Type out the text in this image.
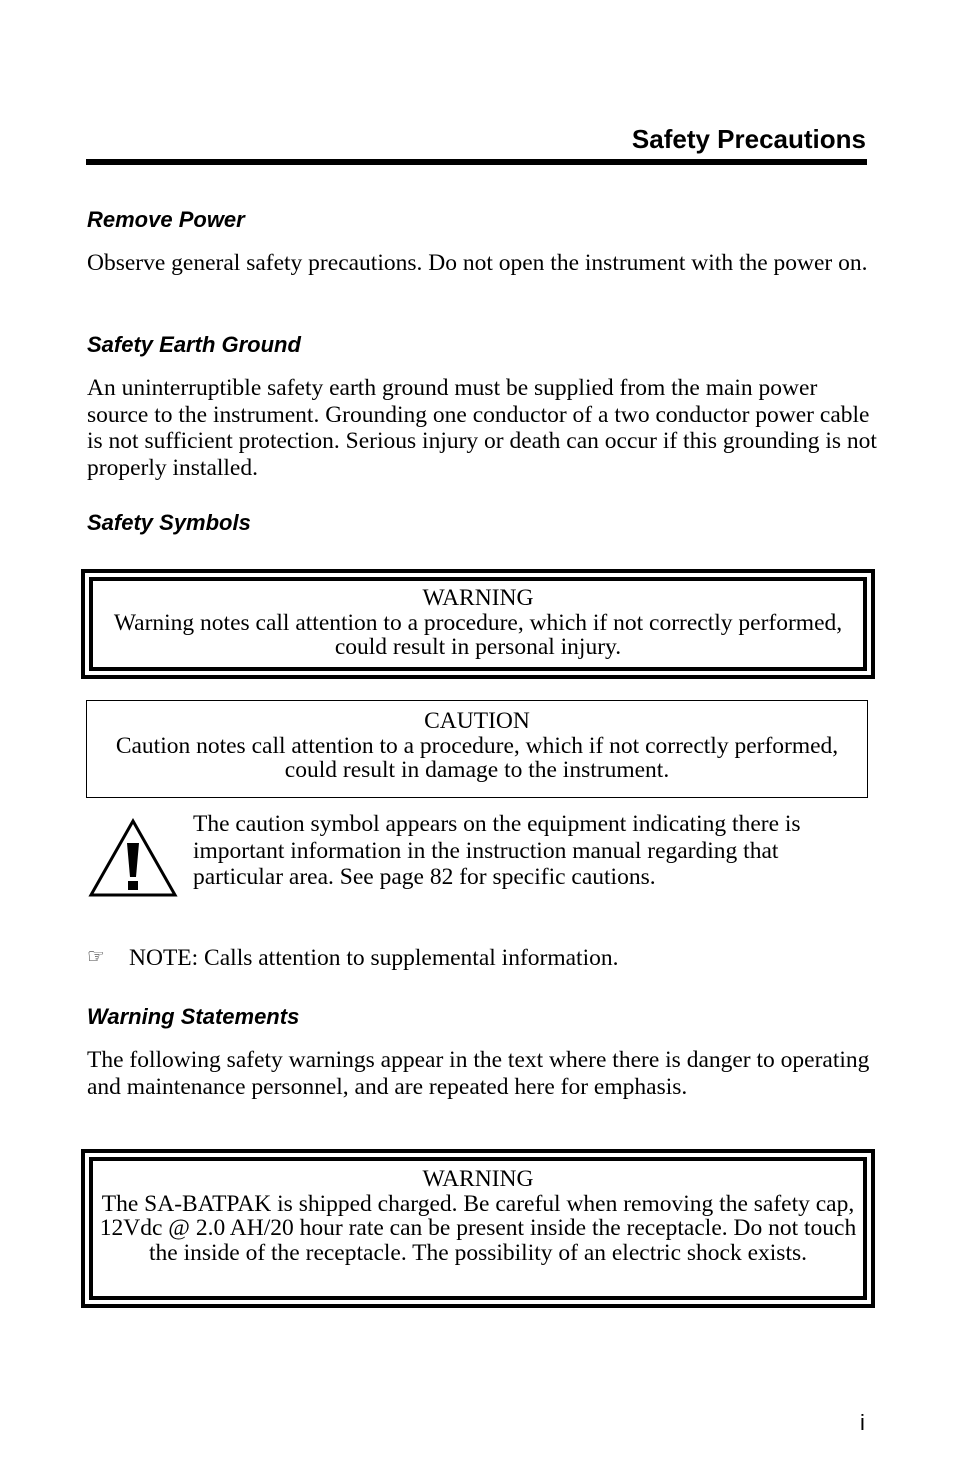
Safety Precautions
Remove Power

Observe general safety precautions. Do not open the instrument with the power on.

Safety Earth Ground

An uninterruptible safety earth ground must be supplied from the main power source to the instrument. Grounding one conductor of a two conductor power cable is not sufficient protection. Serious injury or death can occur if this grounding is not properly installed.

Safety Symbols

WARNING

Warning notes call attention to a procedure, which if not correctly performed, could result in personal injury.

CAUTION

Caution notes call attention to a procedure, which if not correctly performed, could result in damage to the instrument.

The caution symbol appears on the equipment indicating there is important information in the instruction manual regarding that particular area. See page 82 for specific cautions.

☞ NOTE: Calls attention to supplemental information.
Warning Statements

The following safety warnings appear in the text where there is danger to operating and maintenance personnel, and are repeated here for emphasis.

WARNING

The SA-BATPAK is shipped charged. Be careful when removing the safety cap, 12Vdc @ 2.0 AH/20 hour rate can be present inside the receptacle. Do not touch the inside of the receptacle. The possibility of an electric shock exists.

i
